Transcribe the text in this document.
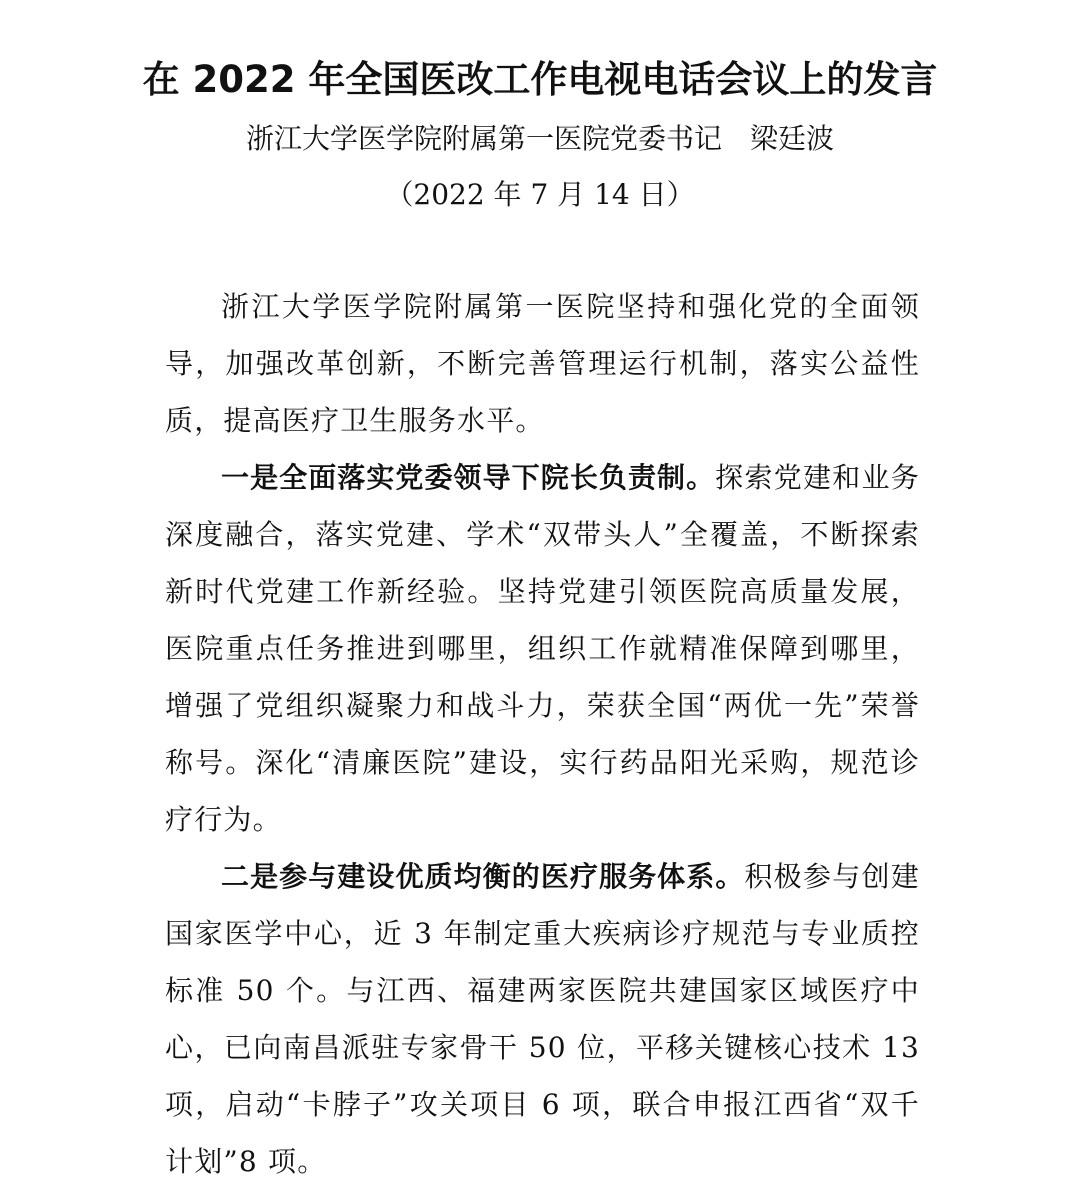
在 2022 年全国医改工作电视电话会议上的发言

浙江大学医学院附属第一医院党委书记　梁廷波

（2022 年 7 月 14 日）

浙江大学医学院附属第一医院坚持和强化党的全面领导，加强改革创新，不断完善管理运行机制，落实公益性质，提高医疗卫生服务水平。

一是全面落实党委领导下院长负责制。探索党建和业务深度融合，落实党建、学术“双带头人”全覆盖，不断探索新时代党建工作新经验。坚持党建引领医院高质量发展，医院重点任务推进到哪里，组织工作就精准保障到哪里，增强了党组织凝聚力和战斗力，荣获全国“两优一先”荣誉称号。深化“清廉医院”建设，实行药品阳光采购，规范诊疗行为。

二是参与建设优质均衡的医疗服务体系。积极参与创建国家医学中心，近 3 年制定重大疾病诊疗规范与专业质控标准 50 个。与江西、福建两家医院共建国家区域医疗中心，已向南昌派驻专家骨干 50 位，平移关键核心技术 13 项，启动“卡脖子”攻关项目 6 项，联合申报江西省“双千计划”8 项。
